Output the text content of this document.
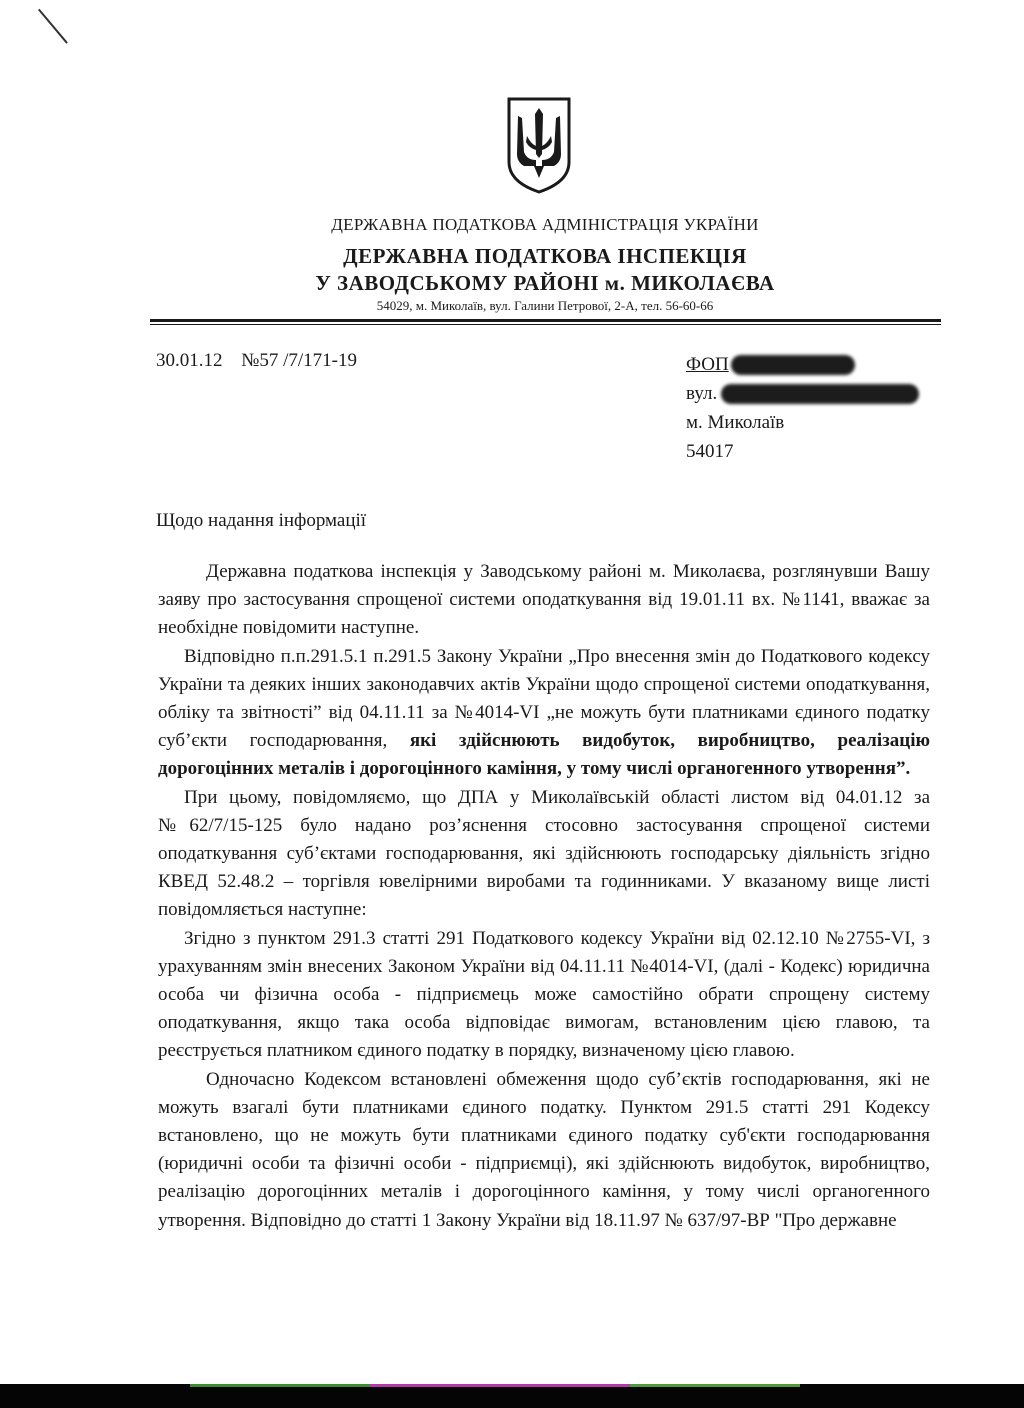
ДЕРЖАВНА ПОДАТКОВА АДМІНІСТРАЦІЯ УКРАЇНИ
ДЕРЖАВНА ПОДАТКОВА ІНСПЕКЦІЯ
У ЗАВОДСЬКОМУ РАЙОНІ м. МИКОЛАЄВА
54029, м. Миколаїв, вул. Галини Петрової, 2-А, тел. 56-60-66
30.01.12 №57 /7/171-19	ФОП
вул.
м. Миколаїв
54017
Щодо надання інформації

Державна податкова інспекція у Заводському районі м. Миколаєва, розглянувши Вашу заяву про застосування спрощеної системи оподаткування від 19.01.11 вх. №1141, вважає за необхідне повідомити наступне.

Відповідно п.п.291.5.1 п.291.5 Закону України „Про внесення змін до Податкового кодексу України та деяких інших законодавчих актів України щодо спрощеної системи оподаткування, обліку та звітності” від 04.11.11 за №4014-VI „не можуть бути платниками єдиного податку суб’єкти господарювання, які здійснюють видобуток, виробництво, реалізацію дорогоцінних металів і дорогоцінного каміння, у тому числі органогенного утворення”.

При цьому, повідомляємо, що ДПА у Миколаївській області листом від 04.01.12 за №62/7/15-125 було надано роз’яснення стосовно застосування спрощеної системи оподаткування суб’єктами господарювання, які здійснюють господарську діяльність згідно КВЕД 52.48.2 – торгівля ювелірними виробами та годинниками. У вказаному вище листі повідомляється наступне:

Згідно з пунктом 291.3 статті 291 Податкового кодексу України від 02.12.10 №2755-VI, з урахуванням змін внесених Законом України від 04.11.11 №4014-VI, (далі - Кодекс) юридична особа чи фізична особа - підприємець може самостійно обрати спрощену систему оподаткування, якщо така особа відповідає вимогам, встановленим цією главою, та реєструється платником єдиного податку в порядку, визначеному цією главою.

Одночасно Кодексом встановлені обмеження щодо суб’єктів господарювання, які не можуть взагалі бути платниками єдиного податку. Пунктом 291.5 статті 291 Кодексу встановлено, що не можуть бути платниками єдиного податку суб'єкти господарювання (юридичні особи та фізичні особи - підприємці), які здійснюють видобуток, виробництво, реалізацію дорогоцінних металів і дорогоцінного каміння, у тому числі органогенного утворення. Відповідно до статті 1 Закону України від 18.11.97 № 637/97-ВР "Про державне
